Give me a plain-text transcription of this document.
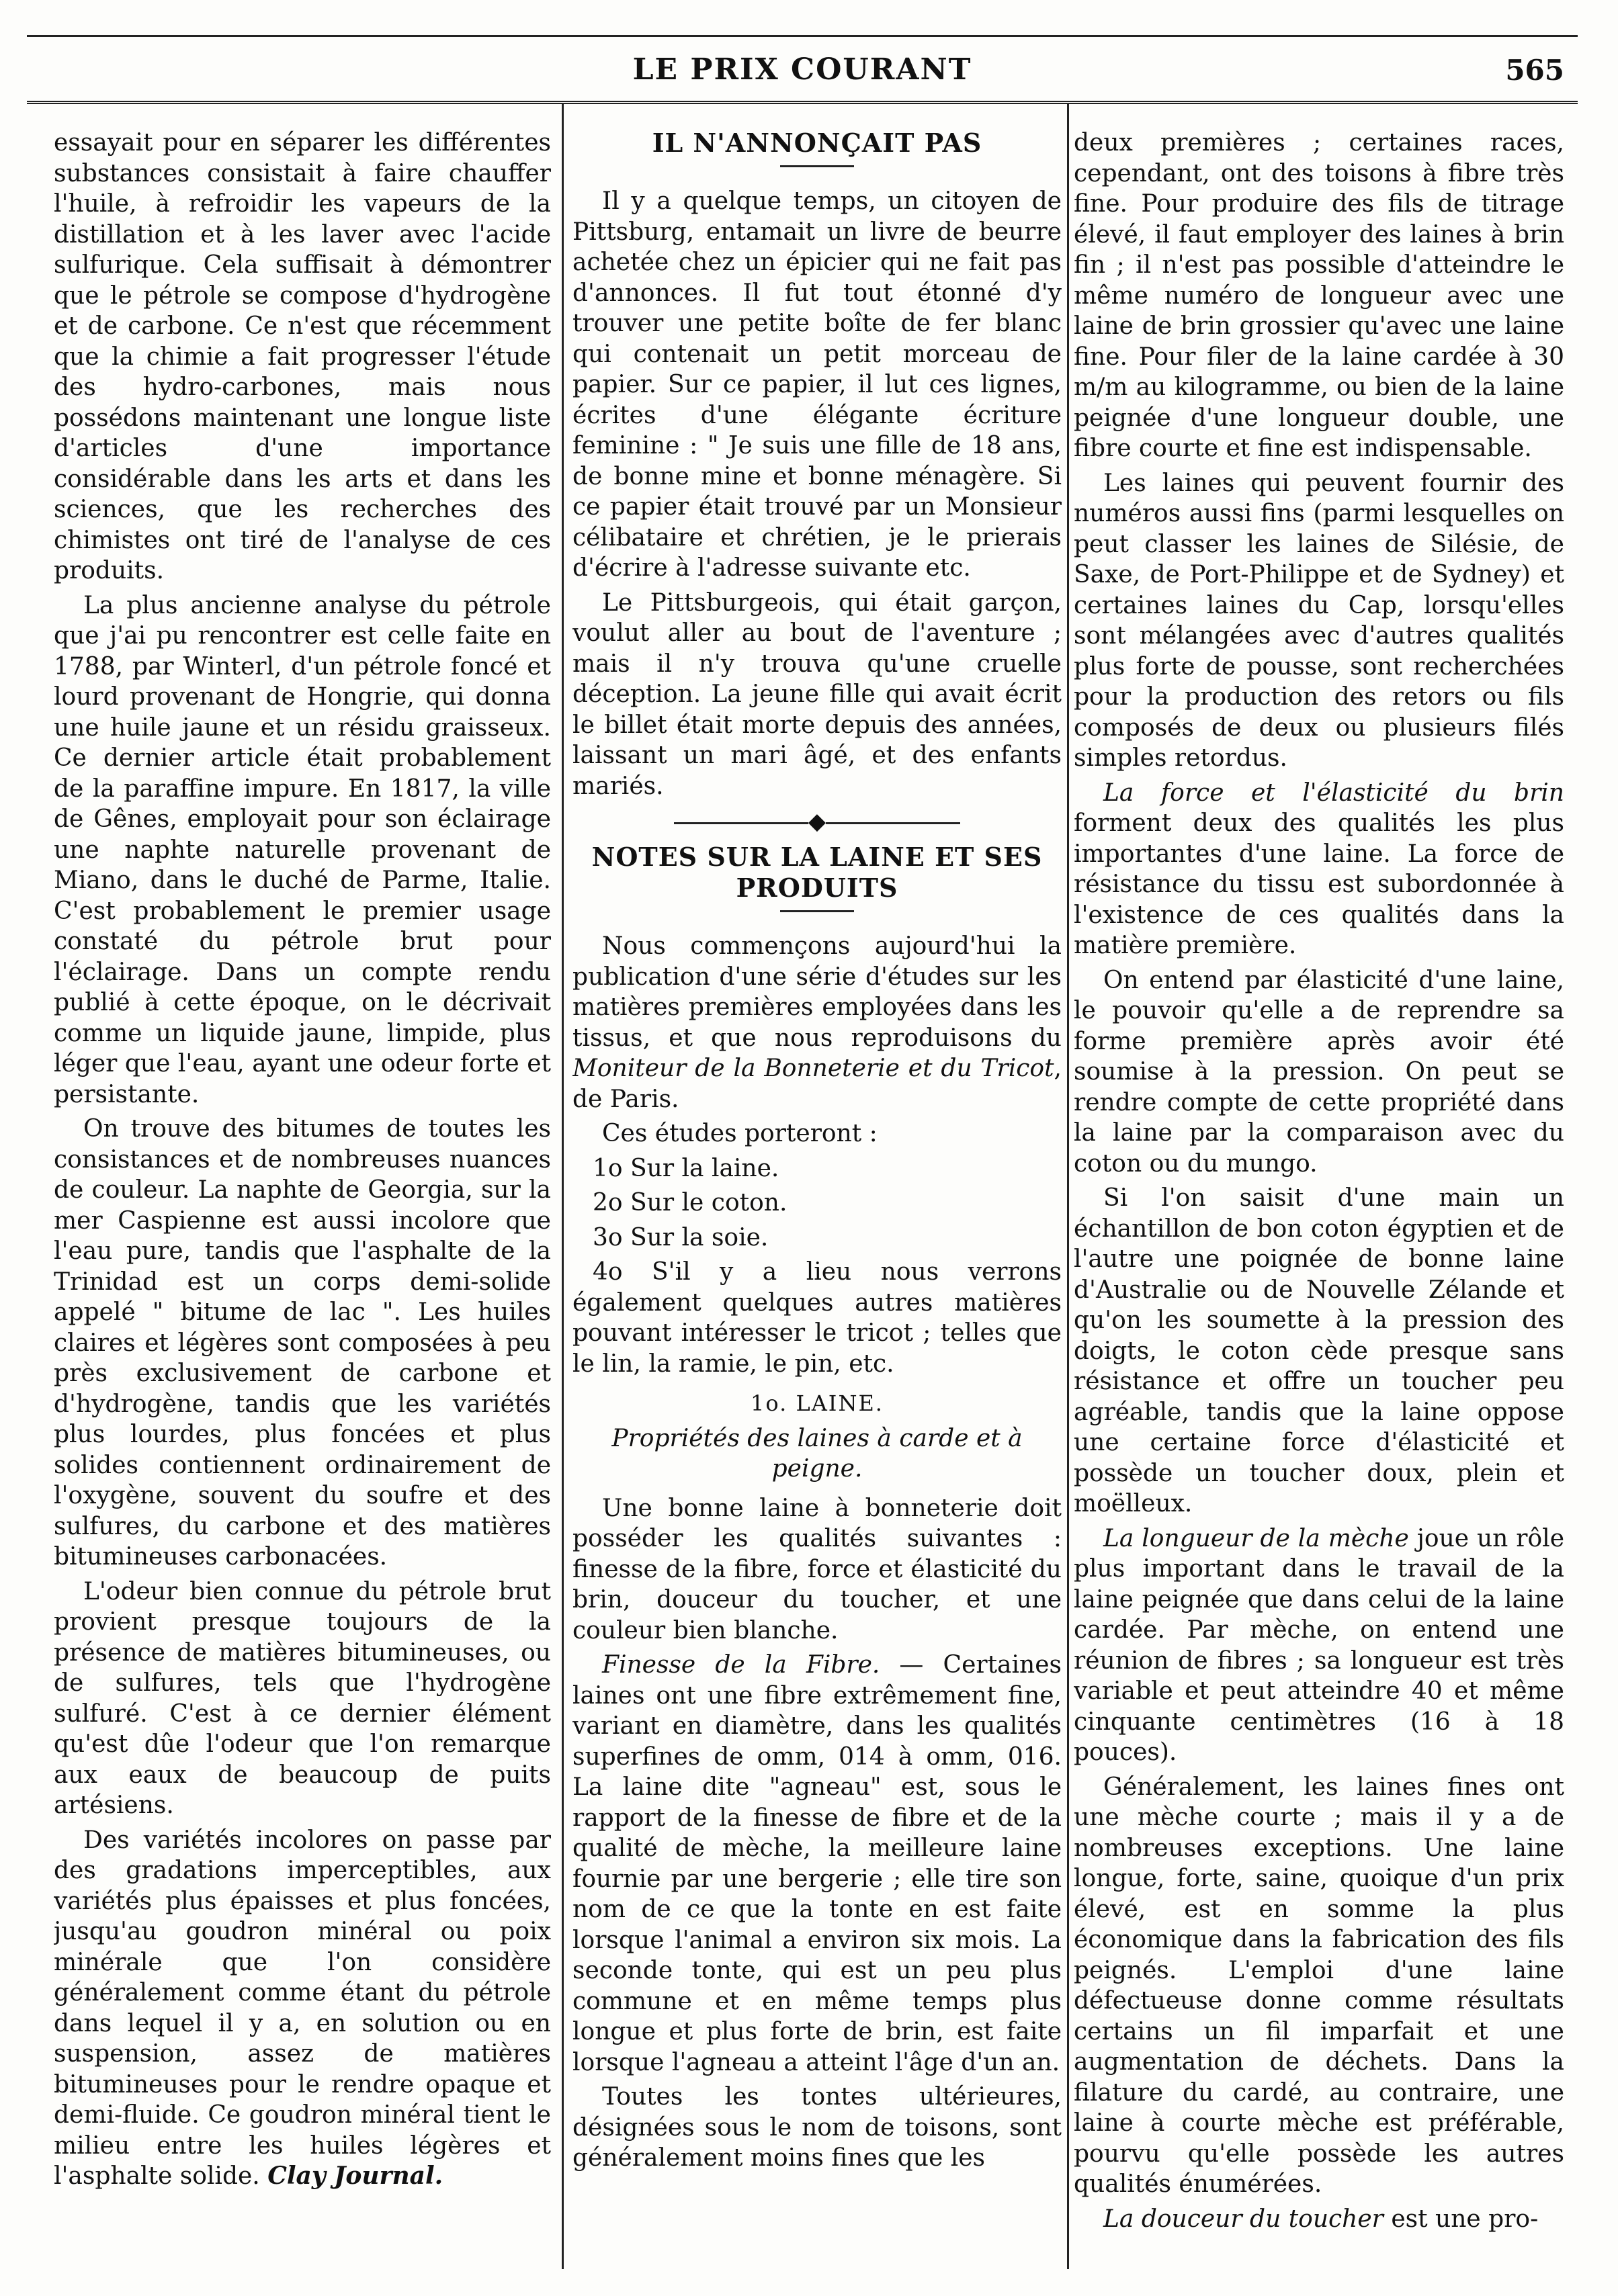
LE PRIX COURANT	565

essayait pour en séparer les différentes substances consistait à faire chauffer l'huile, à refroidir les vapeurs de la distillation et à les laver avec l'acide sulfurique. Cela suffisait à démontrer que le pétrole se compose d'hydrogène et de carbone. Ce n'est que récemment que la chimie a fait progresser l'étude des hydro-carbones, mais nous possédons maintenant une longue liste d'articles d'une importance considérable dans les arts et dans les sciences, que les recherches des chimistes ont tiré de l'analyse de ces produits.

La plus ancienne analyse du pétrole que j'ai pu rencontrer est celle faite en 1788, par Winterl, d'un pétrole foncé et lourd provenant de Hongrie, qui donna une huile jaune et un résidu graisseux. Ce dernier article était probablement de la paraffine impure. En 1817, la ville de Gênes, employait pour son éclairage une naphte naturelle provenant de Miano, dans le duché de Parme, Italie. C'est probablement le premier usage constaté du pétrole brut pour l'éclairage. Dans un compte rendu publié à cette époque, on le décrivait comme un liquide jaune, limpide, plus léger que l'eau, ayant une odeur forte et persistante.

On trouve des bitumes de toutes les consistances et de nombreuses nuances de couleur. La naphte de Georgia, sur la mer Caspienne est aussi incolore que l'eau pure, tandis que l'asphalte de la Trinidad est un corps demi-solide appelé " bitume de lac ". Les huiles claires et légères sont composées à peu près exclusivement de carbone et d'hydrogène, tandis que les variétés plus lourdes, plus foncées et plus solides contiennent ordinairement de l'oxygène, souvent du soufre et des sulfures, du carbone et des matières bitumineuses carbonacées.

L'odeur bien connue du pétrole brut provient presque toujours de la présence de matières bitumineuses, ou de sulfures, tels que l'hydrogène sulfuré. C'est à ce dernier élément qu'est dûe l'odeur que l'on remarque aux eaux de beaucoup de puits artésiens.

Des variétés incolores on passe par des gradations imperceptibles, aux variétés plus épaisses et plus foncées, jusqu'au goudron minéral ou poix minérale que l'on considère généralement comme étant du pétrole dans lequel il y a, en solution ou en suspension, assez de matières bitumineuses pour le rendre opaque et demi-fluide. Ce goudron minéral tient le milieu entre les huiles légères et l'asphalte solide. Clay Journal.

IL N'ANNONÇAIT PAS

Il y a quelque temps, un citoyen de Pittsburg, entamait un livre de beurre achetée chez un épicier qui ne fait pas d'annonces. Il fut tout étonné d'y trouver une petite boîte de fer blanc qui contenait un petit morceau de papier. Sur ce papier, il lut ces lignes, écrites d'une élégante écriture feminine : " Je suis une fille de 18 ans, de bonne mine et bonne ménagère. Si ce papier était trouvé par un Monsieur célibataire et chrétien, je le prierais d'écrire à l'adresse suivante etc.

Le Pittsburgeois, qui était garçon, voulut aller au bout de l'aventure ; mais il n'y trouva qu'une cruelle déception. La jeune fille qui avait écrit le billet était morte depuis des années, laissant un mari âgé, et des enfants mariés.

◆

NOTES SUR LA LAINE ET SES PRODUITS

Nous commençons aujourd'hui la publication d'une série d'études sur les matières premières employées dans les tissus, et que nous reproduisons du Moniteur de la Bonneterie et du Tricot, de Paris.

Ces études porteront :

1o Sur la laine.

2o Sur le coton.

3o Sur la soie.

4o S'il y a lieu nous verrons également quelques autres matières pouvant intéresser le tricot ; telles que le lin, la ramie, le pin, etc.

1o. LAINE.

Propriétés des laines à carde et à peigne.

Une bonne laine à bonneterie doit posséder les qualités suivantes : finesse de la fibre, force et élasticité du brin, douceur du toucher, et une couleur bien blanche.

Finesse de la Fibre. — Certaines laines ont une fibre extrêmement fine, variant en diamètre, dans les qualités superfines de omm, 014 à omm, 016. La laine dite "agneau" est, sous le rapport de la finesse de fibre et de la qualité de mèche, la meilleure laine fournie par une bergerie ; elle tire son nom de ce que la tonte en est faite lorsque l'animal a environ six mois. La seconde tonte, qui est un peu plus commune et en même temps plus longue et plus forte de brin, est faite lorsque l'agneau a atteint l'âge d'un an.

Toutes les tontes ultérieures, désignées sous le nom de toisons, sont généralement moins fines que les

deux premières ; certaines races, cependant, ont des toisons à fibre très fine. Pour produire des fils de titrage élevé, il faut employer des laines à brin fin ; il n'est pas possible d'atteindre le même numéro de longueur avec une laine de brin grossier qu'avec une laine fine. Pour filer de la laine cardée à 30 m/m au kilogramme, ou bien de la laine peignée d'une longueur double, une fibre courte et fine est indispensable.

Les laines qui peuvent fournir des numéros aussi fins (parmi lesquelles on peut classer les laines de Silésie, de Saxe, de Port-Philippe et de Sydney) et certaines laines du Cap, lorsqu'elles sont mélangées avec d'autres qualités plus forte de pousse, sont recherchées pour la production des retors ou fils composés de deux ou plusieurs filés simples retordus.

La force et l'élasticité du brin forment deux des qualités les plus importantes d'une laine. La force de résistance du tissu est subordonnée à l'existence de ces qualités dans la matière première.

On entend par élasticité d'une laine, le pouvoir qu'elle a de reprendre sa forme première après avoir été soumise à la pression. On peut se rendre compte de cette propriété dans la laine par la comparaison avec du coton ou du mungo.

Si l'on saisit d'une main un échantillon de bon coton égyptien et de l'autre une poignée de bonne laine d'Australie ou de Nouvelle Zélande et qu'on les soumette à la pression des doigts, le coton cède presque sans résistance et offre un toucher peu agréable, tandis que la laine oppose une certaine force d'élasticité et possède un toucher doux, plein et moëlleux.

La longueur de la mèche joue un rôle plus important dans le travail de la laine peignée que dans celui de la laine cardée. Par mèche, on entend une réunion de fibres ; sa longueur est très variable et peut atteindre 40 et même cinquante centimètres (16 à 18 pouces).

Généralement, les laines fines ont une mèche courte ; mais il y a de nombreuses exceptions. Une laine longue, forte, saine, quoique d'un prix élevé, est en somme la plus économique dans la fabrication des fils peignés. L'emploi d'une laine défectueuse donne comme résultats certains un fil imparfait et une augmentation de déchets. Dans la filature du cardé, au contraire, une laine à courte mèche est préférable, pourvu qu'elle possède les autres qualités énumérées.

La douceur du toucher est une pro-
